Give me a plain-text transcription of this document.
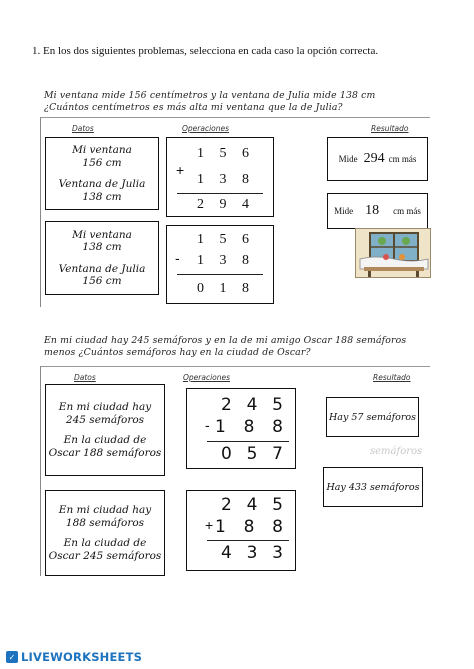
1. En los dos siguientes problemas, selecciona en cada caso la opción correcta.
Mi ventana mide 156 centímetros y la ventana de Julia mide 138 cm
¿Cuántos centímetros es más alta mi ventana que la de Julia?
Datos	Operaciones	Resultado
Mi ventana
156 cm
Ventana de Julia
138 cm
1 5 6
+
1 3 8
2 9 4
Mide 294 cm más
Mi ventana
138 cm
Ventana de Julia
156 cm
1 5 6
- 1 3 8
0 1 8
Mide 18 cm más
En mi ciudad hay 245 semáforos y en la de mi amigo Oscar 188 semáforos
menos ¿Cuántos semáforos hay en la ciudad de Oscar?
Datos	Operaciones	Resultado
En mi ciudad hay
245 semáforos
En la ciudad de
Oscar 188 semáforos
2 4 5
- 1 8 8
0 5 7
Hay 57 semáforos
semáforos
En mi ciudad hay
188 semáforos
En la ciudad de
Oscar 245 semáforos
2 4 5
+ 1 8 8
4 3 3
Hay 433 semáforos
✓ LIVEWORKSHEETS
